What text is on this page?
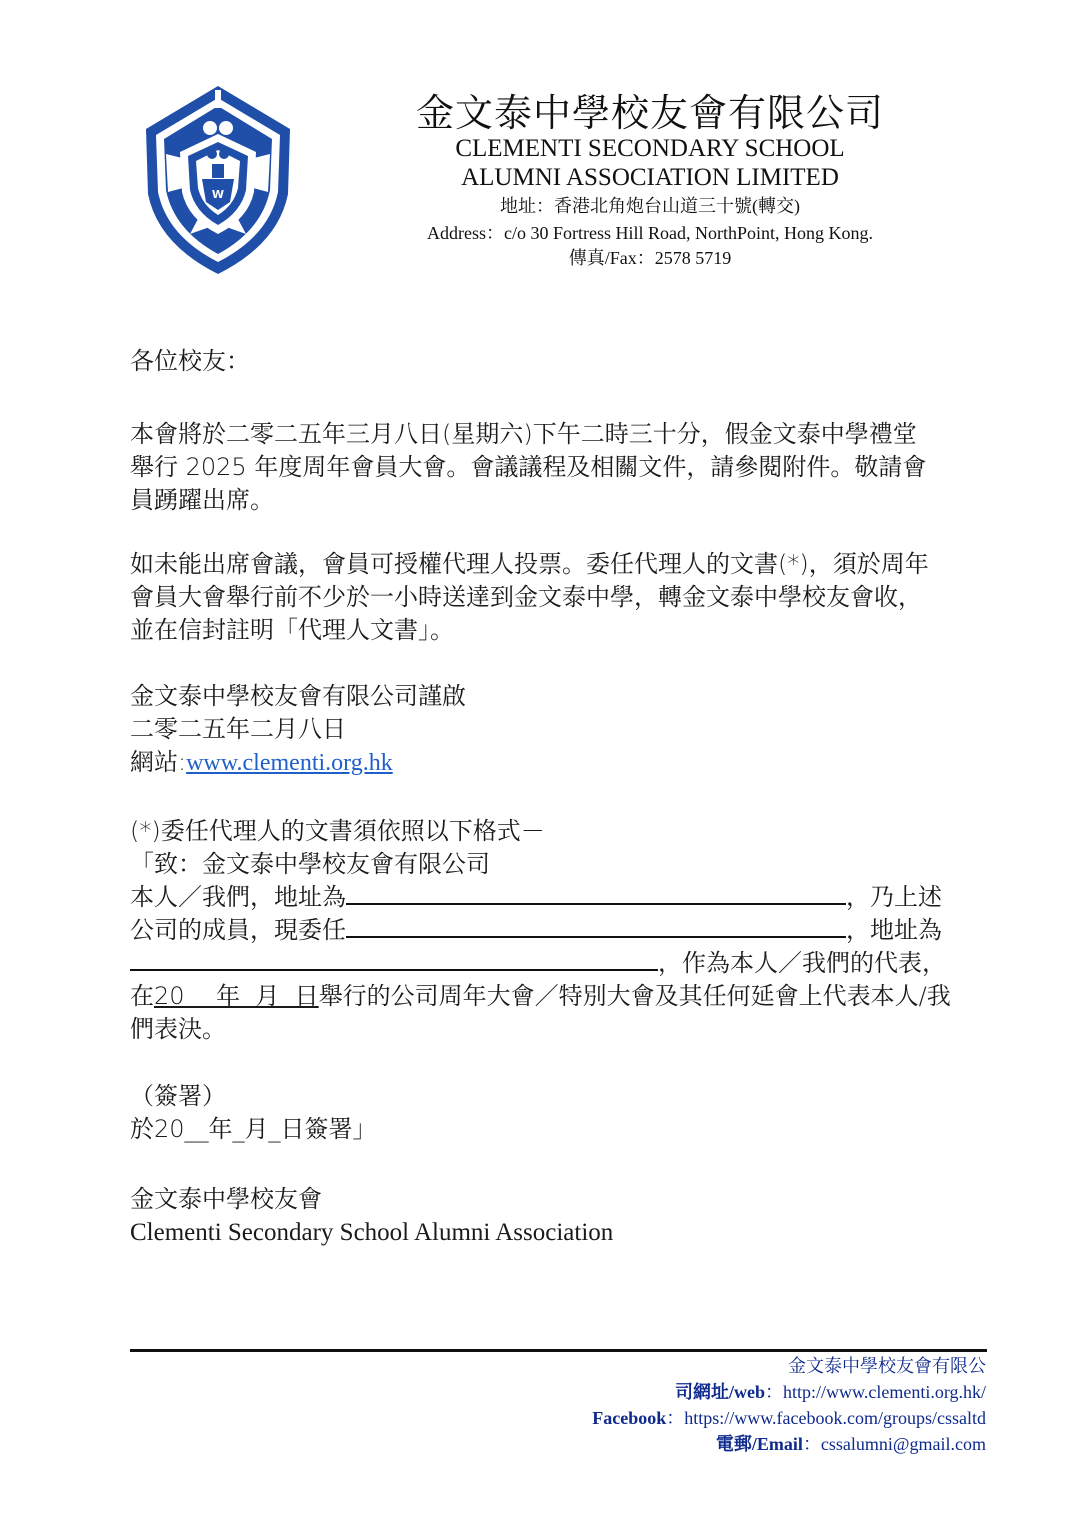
W
金文泰中學校友會有限公司
CLEMENTI SECONDARY SCHOOL
ALUMNI ASSOCIATION LIMITED
地址：香港北角炮台山道三十號(轉交)
Address：c/o 30 Fortress Hill Road, NorthPoint, Hong Kong.
傳真/Fax：2578 5719
各位校友：
本會將於二零二五年三月八日(星期六)下午二時三十分，假金文泰中學禮堂
舉行 2025 年度周年會員大會。會議議程及相關文件，請參閱附件。敬請會
員踴躍出席。
如未能出席會議，會員可授權代理人投票。委任代理人的文書(*)，須於周年
會員大會舉行前不少於一小時送達到金文泰中學，轉金文泰中學校友會收，
並在信封註明「代理人文書」。
金文泰中學校友會有限公司謹啟
二零二五年二月八日
網站:www.clementi.org.hk
(*)委任代理人的文書須依照以下格式－
「致：金文泰中學校友會有限公司
本人／我們，地址為	，乃上述
公司的成員，現委任	，地址為
，作為本人／我們的代表，
在20　 年  月  日舉行的公司周年大會／特別大會及其任何延會上代表本人/我
們表決。
（簽署）
於20__年_月_日簽署」
金文泰中學校友會
Clementi Secondary School Alumni Association
金文泰中學校友會有限公
司網址/web：http://www.clementi.org.hk/
Facebook：https://www.facebook.com/groups/cssaltd
電郵/Email：cssalumni@gmail.com
